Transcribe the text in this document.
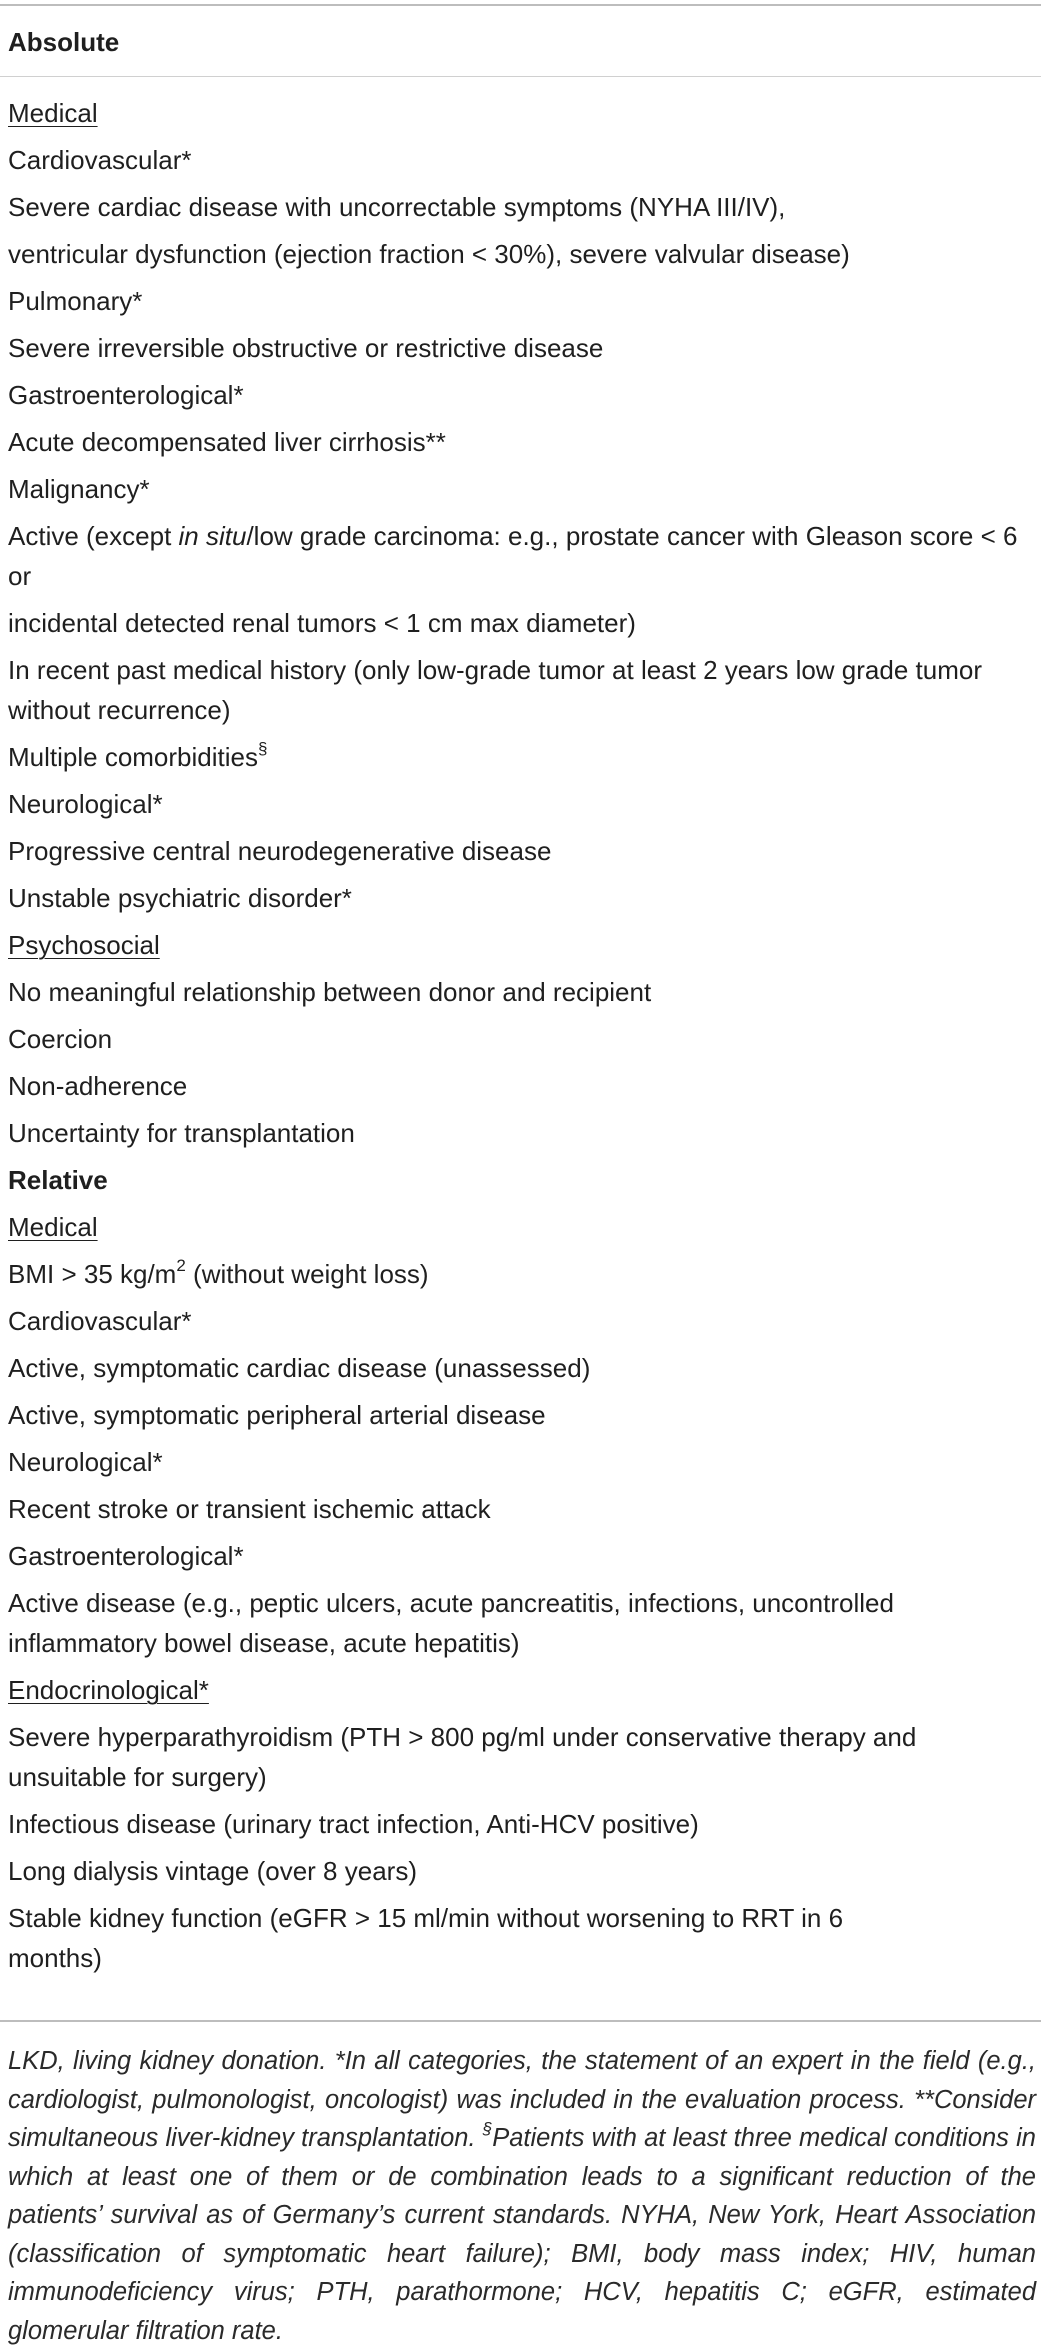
Absolute
Medical
Cardiovascular*
Severe cardiac disease with uncorrectable symptoms (NYHA III/IV),
ventricular dysfunction (ejection fraction < 30%), severe valvular disease)
Pulmonary*
Severe irreversible obstructive or restrictive disease
Gastroenterological*
Acute decompensated liver cirrhosis**
Malignancy*
Active (except in situ/low grade carcinoma: e.g., prostate cancer with Gleason score < 6 or
incidental detected renal tumors < 1 cm max diameter)
In recent past medical history (only low-grade tumor at least 2 years low grade tumor without recurrence)
Multiple comorbidities§
Neurological*
Progressive central neurodegenerative disease
Unstable psychiatric disorder*
Psychosocial
No meaningful relationship between donor and recipient
Coercion
Non-adherence
Uncertainty for transplantation
Relative
Medical
BMI > 35 $kg/m^2$ (without weight loss)
Cardiovascular*
Active, symptomatic cardiac disease (unassessed)
Active, symptomatic peripheral arterial disease
Neurological*
Recent stroke or transient ischemic attack
Gastroenterological*
Active disease (e.g., peptic ulcers, acute pancreatitis, infections, uncontrolled inflammatory bowel disease, acute hepatitis)
Endocrinological*
Severe hyperparathyroidism (PTH > 800 pg/ml under conservative therapy and unsuitable for surgery)
Infectious disease (urinary tract infection, Anti-HCV positive)
Long dialysis vintage (over 8 years)
Stable kidney function (eGFR > 15 ml/min without worsening to RRT in 6 months)
LKD, living kidney donation. *In all categories, the statement of an expert in the field (e.g., cardiologist, pulmonologist, oncologist) was included in the evaluation process. **Consider simultaneous liver-kidney transplantation. §Patients with at least three medical conditions in which at least one of them or de combination leads to a significant reduction of the patients’ survival as of Germany’s current standards. NYHA, New York, Heart Association (classification of symptomatic heart failure); BMI, body mass index; HIV, human immunodeficiency virus; PTH, parathormone; HCV, hepatitis C; eGFR, estimated glomerular filtration rate.
